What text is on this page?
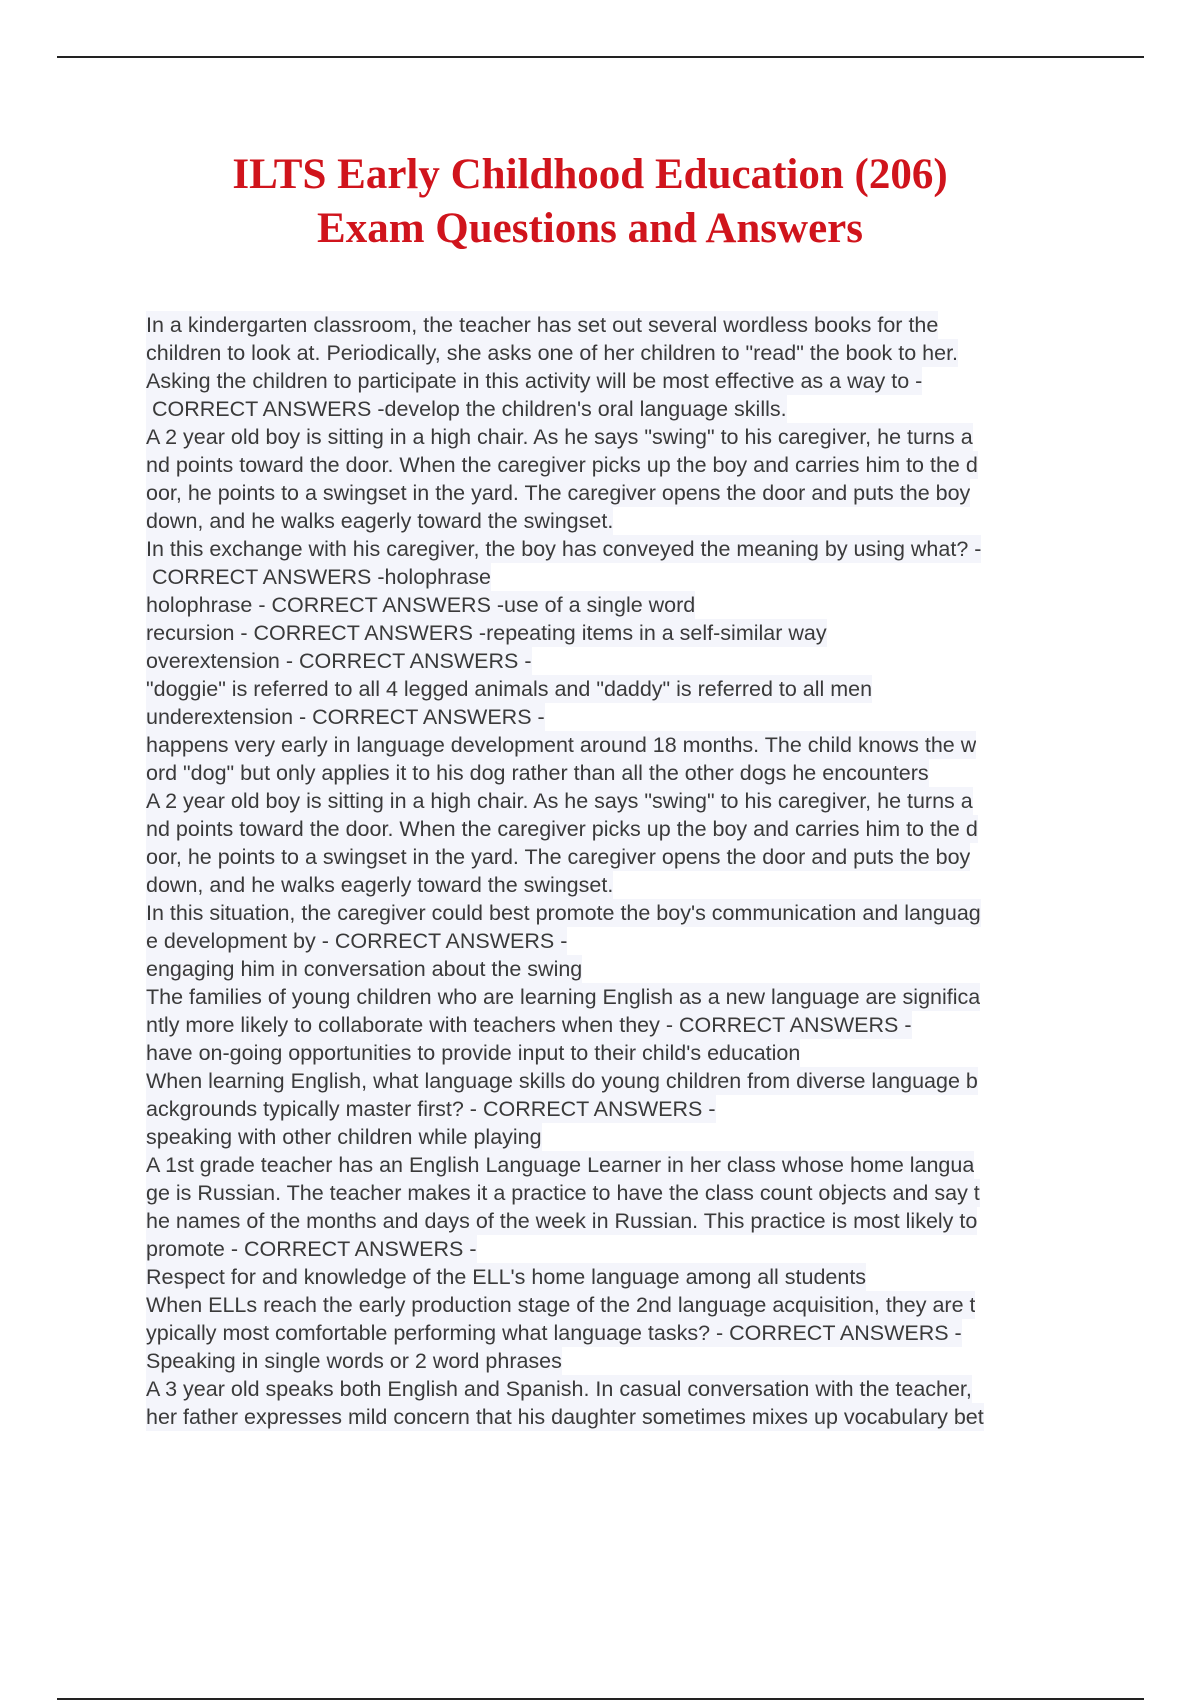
ILTS Early Childhood Education (206)
Exam Questions and Answers
In a kindergarten classroom, the teacher has set out several wordless books for the
children to look at. Periodically, she asks one of her children to "read" the book to her.
Asking the children to participate in this activity will be most effective as a way to -
CORRECT ANSWERS -develop the children's oral language skills.
A 2 year old boy is sitting in a high chair. As he says "swing" to his caregiver, he turns a
nd points toward the door. When the caregiver picks up the boy and carries him to the d
oor, he points to a swingset in the yard. The caregiver opens the door and puts the boy
down, and he walks eagerly toward the swingset.
In this exchange with his caregiver, the boy has conveyed the meaning by using what? -
CORRECT ANSWERS -holophrase
holophrase - CORRECT ANSWERS -use of a single word
recursion - CORRECT ANSWERS -repeating items in a self-similar way
overextension - CORRECT ANSWERS -
"doggie" is referred to all 4 legged animals and "daddy" is referred to all men
underextension - CORRECT ANSWERS -
happens very early in language development around 18 months. The child knows the w
ord "dog" but only applies it to his dog rather than all the other dogs he encounters
A 2 year old boy is sitting in a high chair. As he says "swing" to his caregiver, he turns a
nd points toward the door. When the caregiver picks up the boy and carries him to the d
oor, he points to a swingset in the yard. The caregiver opens the door and puts the boy
down, and he walks eagerly toward the swingset.
In this situation, the caregiver could best promote the boy's communication and languag
e development by - CORRECT ANSWERS -
engaging him in conversation about the swing
The families of young children who are learning English as a new language are significa
ntly more likely to collaborate with teachers when they - CORRECT ANSWERS -
have on-going opportunities to provide input to their child's education
When learning English, what language skills do young children from diverse language b
ackgrounds typically master first? - CORRECT ANSWERS -
speaking with other children while playing
A 1st grade teacher has an English Language Learner in her class whose home langua
ge is Russian. The teacher makes it a practice to have the class count objects and say t
he names of the months and days of the week in Russian. This practice is most likely to
promote - CORRECT ANSWERS -
Respect for and knowledge of the ELL's home language among all students
When ELLs reach the early production stage of the 2nd language acquisition, they are t
ypically most comfortable performing what language tasks? - CORRECT ANSWERS -
Speaking in single words or 2 word phrases
A 3 year old speaks both English and Spanish. In casual conversation with the teacher,
her father expresses mild concern that his daughter sometimes mixes up vocabulary bet
